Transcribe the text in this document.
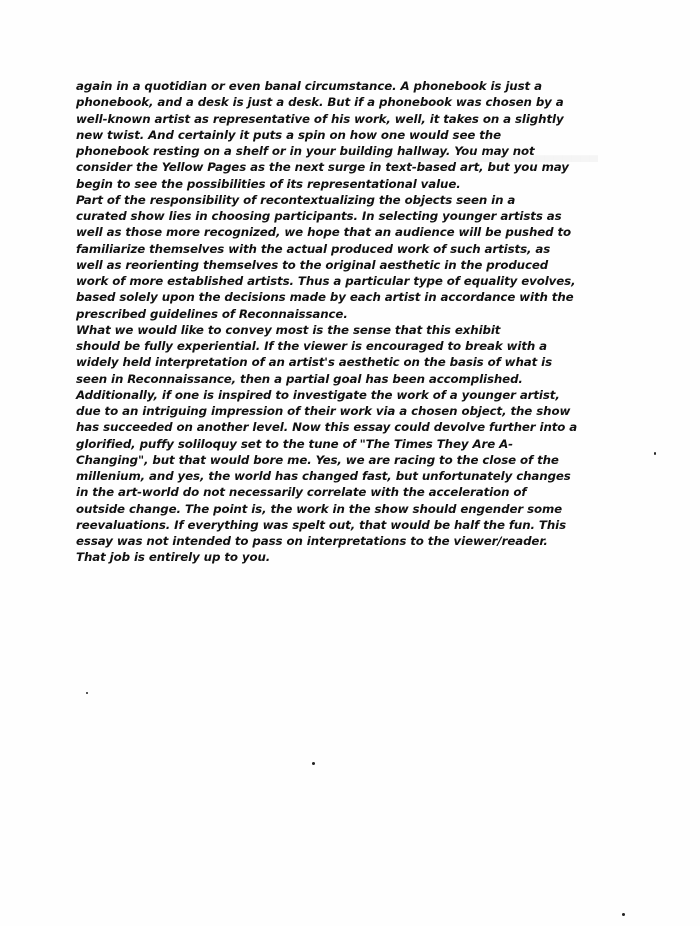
again in a quotidian or even banal circumstance. A phonebook is just a
phonebook, and a desk is just a desk. But if a phonebook was chosen by a
well-known artist as representative of his work, well, it takes on a slightly
new twist. And certainly it puts a spin on how one would see the
phonebook resting on a shelf or in your building hallway. You may not
consider the Yellow Pages as the next surge in text-based art, but you may
begin to see the possibilities of its representational value.

Part of the responsibility of recontextualizing the objects seen in a
curated show lies in choosing participants. In selecting younger artists as
well as those more recognized, we hope that an audience will be pushed to
familiarize themselves with the actual produced work of such artists, as
well as reorienting themselves to the original aesthetic in the produced
work of more established artists. Thus a particular type of equality evolves,
based solely upon the decisions made by each artist in accordance with the
prescribed guidelines of Reconnaissance.

What we would like to convey most is the sense that this exhibit
should be fully experiential. If the viewer is encouraged to break with a
widely held interpretation of an artist's aesthetic on the basis of what is
seen in Reconnaissance, then a partial goal has been accomplished.
Additionally, if one is inspired to investigate the work of a younger artist,
due to an intriguing impression of their work via a chosen object, the show
has succeeded on another level. Now this essay could devolve further into a
glorified, puffy soliloquy set to the tune of "The Times They Are A-
Changing", but that would bore me. Yes, we are racing to the close of the
millenium, and yes, the world has changed fast, but unfortunately changes
in the art-world do not necessarily correlate with the acceleration of
outside change. The point is, the work in the show should engender some
reevaluations. If everything was spelt out, that would be half the fun. This
essay was not intended to pass on interpretations to the viewer/reader.
That job is entirely up to you.
